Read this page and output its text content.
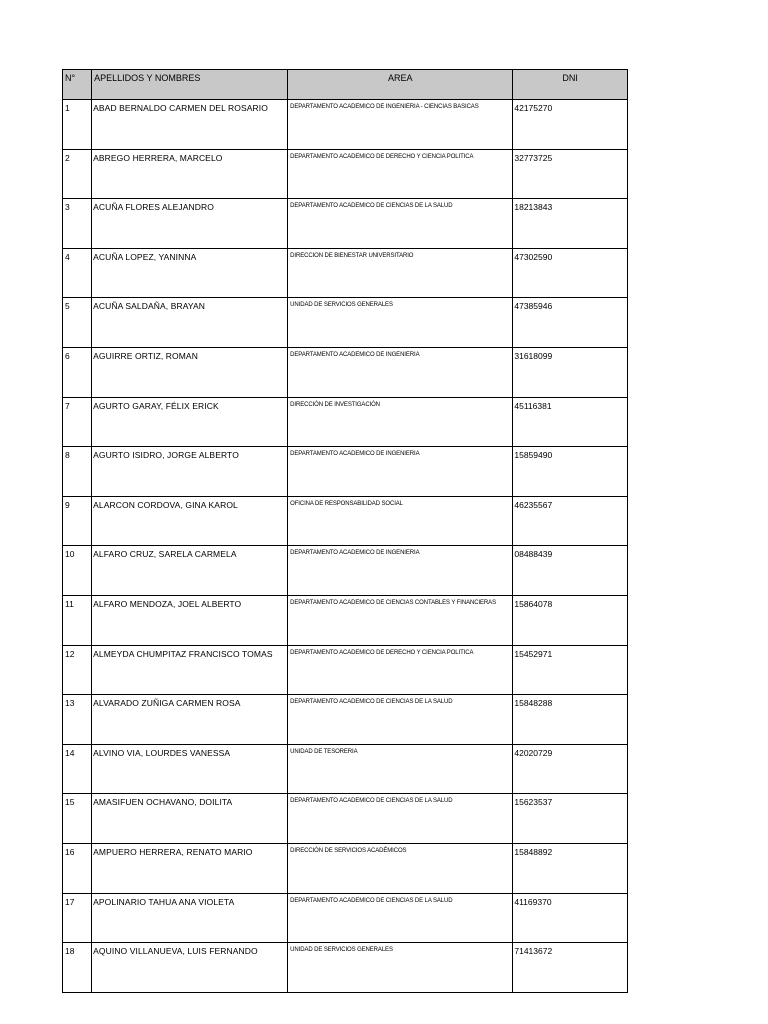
N°	APELLIDOS Y NOMBRES	AREA	DNI
1	ABAD BERNALDO CARMEN DEL ROSARIO	DEPARTAMENTO ACADEMICO DE INGENIERIA - CIENCIAS BASICAS	42175270
2	ABREGO HERRERA, MARCELO	DEPARTAMENTO ACADEMICO DE DERECHO Y CIENCIA POLITICA	32773725
3	ACUÑA FLORES ALEJANDRO	DEPARTAMENTO ACADEMICO DE CIENCIAS DE LA SALUD	18213843
4	ACUÑA LOPEZ, YANINNA	DIRECCION DE BIENESTAR UNIVERSITARIO	47302590
5	ACUÑA SALDAÑA, BRAYAN	UNIDAD DE SERVICIOS GENERALES	47385946
6	AGUIRRE ORTIZ, ROMAN	DEPARTAMENTO ACADEMICO DE INGENIERIA	31618099
7	AGURTO GARAY, FÉLIX ERICK	DIRECCIÓN DE INVESTIGACIÓN	45116381
8	AGURTO ISIDRO, JORGE ALBERTO	DEPARTAMENTO ACADEMICO DE INGENIERIA	15859490
9	ALARCON CORDOVA, GINA KAROL	OFICINA DE RESPONSABILIDAD SOCIAL	46235567
10	ALFARO CRUZ, SARELA CARMELA	DEPARTAMENTO ACADEMICO DE INGENIERIA	08488439
11	ALFARO MENDOZA, JOEL ALBERTO	DEPARTAMENTO ACADEMICO DE CIENCIAS CONTABLES Y FINANCIERAS	15864078
12	ALMEYDA CHUMPITAZ FRANCISCO TOMAS	DEPARTAMENTO ACADEMICO DE DERECHO Y CIENCIA POLITICA	15452971
13	ALVARADO ZUÑIGA CARMEN ROSA	DEPARTAMENTO ACADEMICO DE CIENCIAS DE LA SALUD	15848288
14	ALVINO VIA, LOURDES VANESSA	UNIDAD DE TESORERIA	42020729
15	AMASIFUEN OCHAVANO, DOILITA	DEPARTAMENTO ACADEMICO DE CIENCIAS DE LA SALUD	15623537
16	AMPUERO HERRERA, RENATO MARIO	DIRECCIÓN DE SERVICIOS ACADÉMICOS	15848892
17	APOLINARIO TAHUA ANA VIOLETA	DEPARTAMENTO ACADEMICO DE CIENCIAS DE LA SALUD	41169370
18	AQUINO VILLANUEVA, LUIS FERNANDO	UNIDAD DE SERVICIOS GENERALES	71413672
